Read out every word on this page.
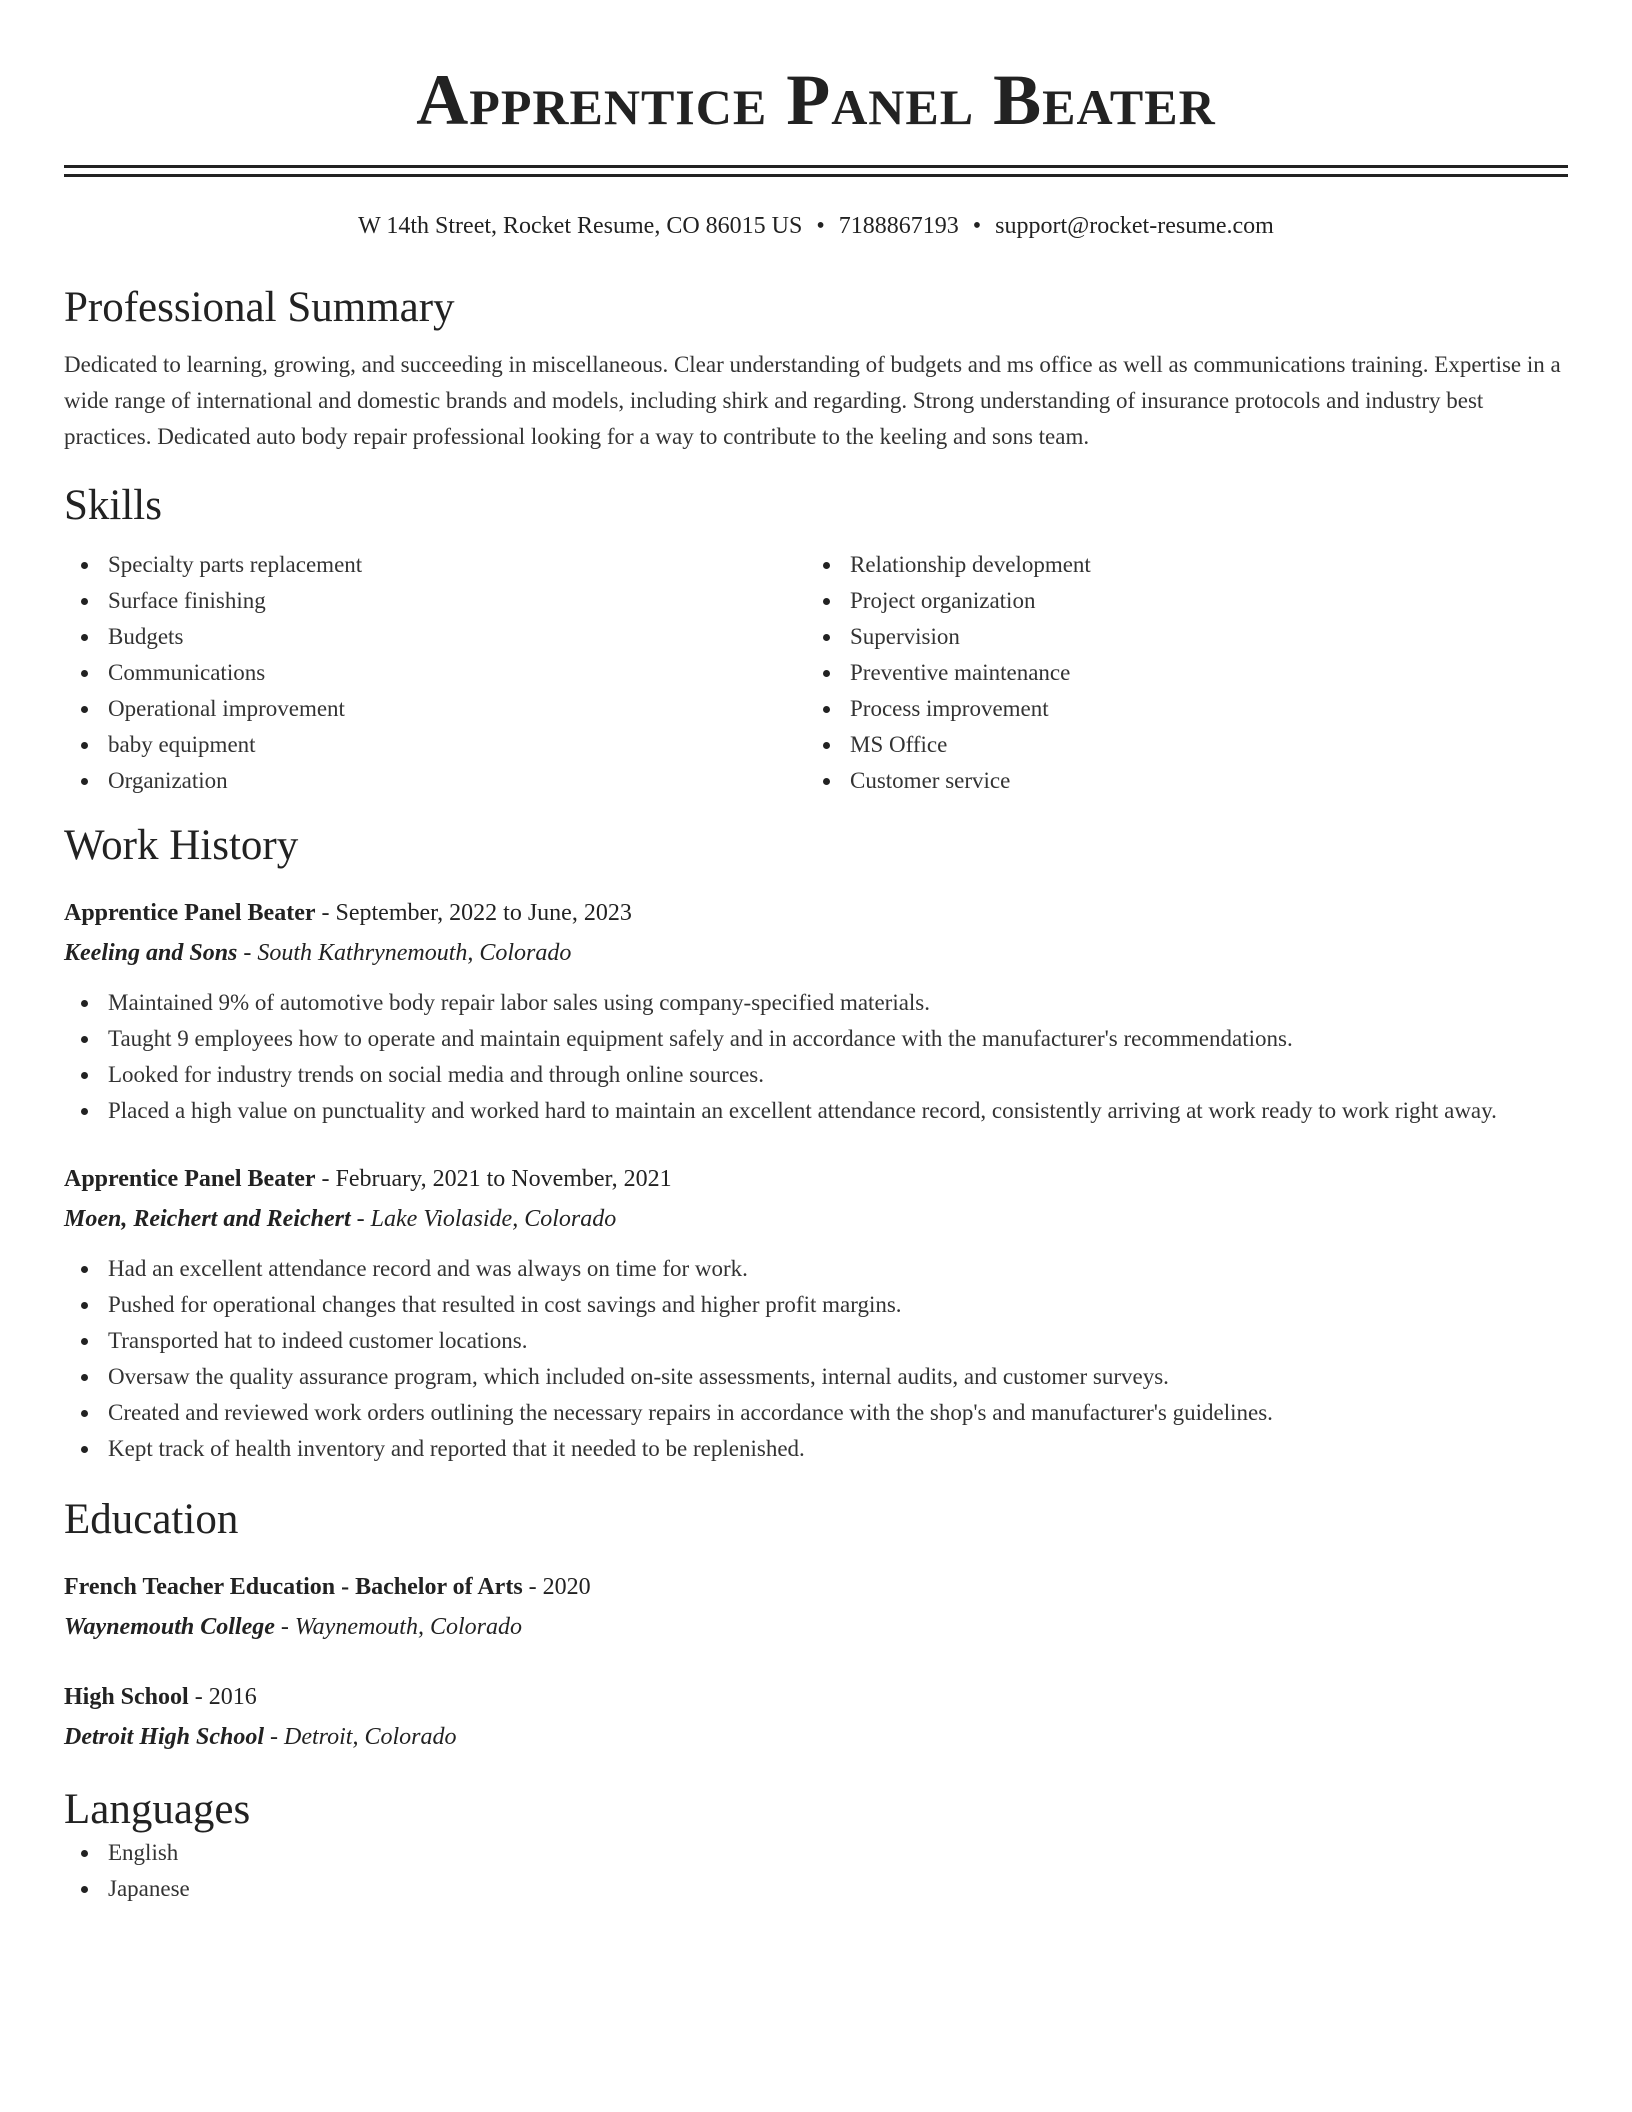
Apprentice Panel Beater
W 14th Street, Rocket Resume, CO 86015 US • 7188867193 • support@rocket-resume.com
Professional Summary
Dedicated to learning, growing, and succeeding in miscellaneous. Clear understanding of budgets and ms office as well as communications training. Expertise in a wide range of international and domestic brands and models, including shirk and regarding. Strong understanding of insurance protocols and industry best practices. Dedicated auto body repair professional looking for a way to contribute to the keeling and sons team.
Skills
Specialty parts replacement
Surface finishing
Budgets
Communications
Operational improvement
baby equipment
Organization
Relationship development
Project organization
Supervision
Preventive maintenance
Process improvement
MS Office
Customer service
Work History
Apprentice Panel Beater - September, 2022 to June, 2023
Keeling and Sons - South Kathrynemouth, Colorado
Maintained 9% of automotive body repair labor sales using company-specified materials.
Taught 9 employees how to operate and maintain equipment safely and in accordance with the manufacturer's recommendations.
Looked for industry trends on social media and through online sources.
Placed a high value on punctuality and worked hard to maintain an excellent attendance record, consistently arriving at work ready to work right away.
Apprentice Panel Beater - February, 2021 to November, 2021
Moen, Reichert and Reichert - Lake Violaside, Colorado
Had an excellent attendance record and was always on time for work.
Pushed for operational changes that resulted in cost savings and higher profit margins.
Transported hat to indeed customer locations.
Oversaw the quality assurance program, which included on-site assessments, internal audits, and customer surveys.
Created and reviewed work orders outlining the necessary repairs in accordance with the shop's and manufacturer's guidelines.
Kept track of health inventory and reported that it needed to be replenished.
Education
French Teacher Education - Bachelor of Arts - 2020
Waynemouth College - Waynemouth, Colorado
High School - 2016
Detroit High School - Detroit, Colorado
Languages
English
Japanese
